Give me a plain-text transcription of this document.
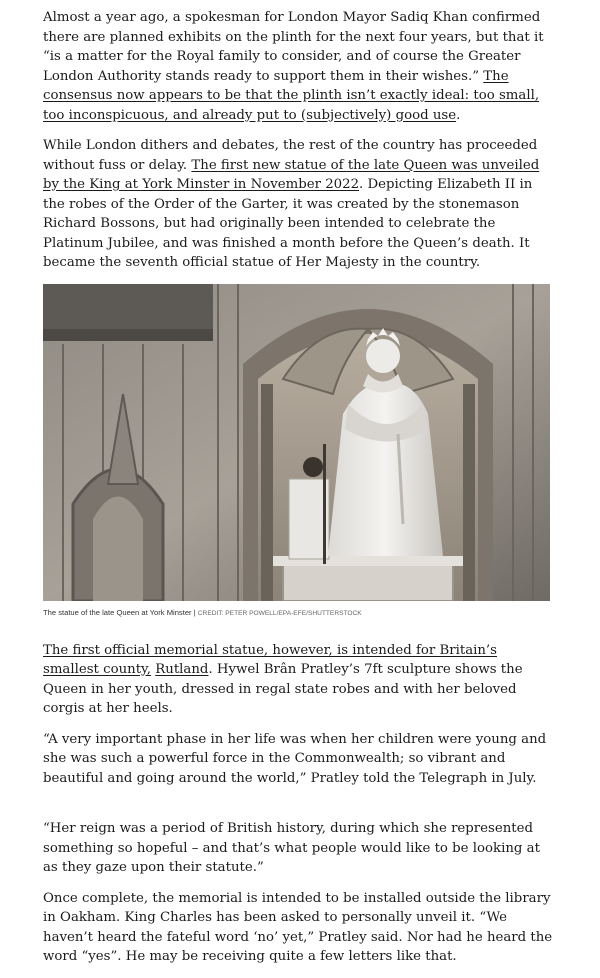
Almost a year ago, a spokesman for London Mayor Sadiq Khan confirmed there are planned exhibits on the plinth for the next four years, but that it “is a matter for the Royal family to consider, and of course the Greater London Authority stands ready to support them in their wishes.” The consensus now appears to be that the plinth isn’t exactly ideal: too small, too inconspicuous, and already put to (subjectively) good use.

While London dithers and debates, the rest of the country has proceeded without fuss or delay. The first new statue of the late Queen was unveiled by the King at York Minster in November 2022. Depicting Elizabeth II in the robes of the Order of the Garter, it was created by the stonemason Richard Bossons, but had originally been intended to celebrate the Platinum Jubilee, and was finished a month before the Queen’s death. It became the seventh official statue of Her Majesty in the country.

The statue of the late Queen at York Minster | CREDIT: PETER POWELL/EPA-EFE/SHUTTERSTOCK

The first official memorial statue, however, is intended for Britain’s smallest county, Rutland. Hywel Brân Pratley’s 7ft sculpture shows the Queen in her youth, dressed in regal state robes and with her beloved corgis at her heels.

“A very important phase in her life was when her children were young and she was such a powerful force in the Commonwealth; so vibrant and beautiful and going around the world,” Pratley told the Telegraph in July.

“Her reign was a period of British history, during which she represented something so hopeful – and that’s what people would like to be looking at as they gaze upon their statute.”

Once complete, the memorial is intended to be installed outside the library in Oakham. King Charles has been asked to personally unveil it. “We haven’t heard the fateful word ‘no’ yet,” Pratley said. Nor had he heard the word “yes”. He may be receiving quite a few letters like that.
